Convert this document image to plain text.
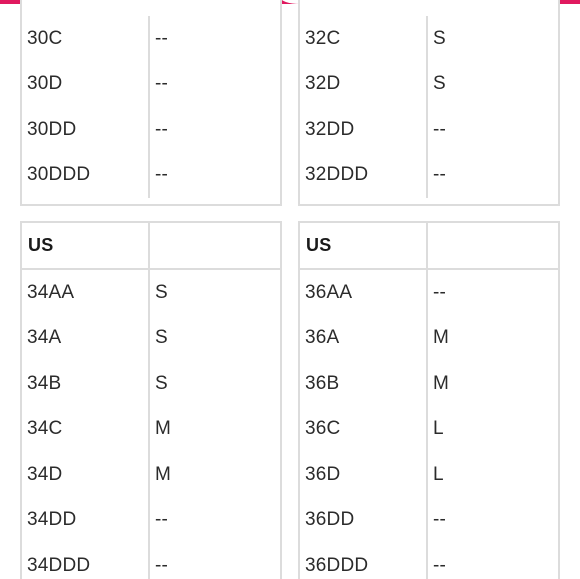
30C	--
30D	--
30DD	--
30DDD	--
32C	S
32D	S
32DD	--
32DDD	--
US
34AA	S
34A	S
34B	S
34C	M
34D	M
34DD	--
34DDD	--
US
36AA	--
36A	M
36B	M
36C	L
36D	L
36DD	--
36DDD	--
